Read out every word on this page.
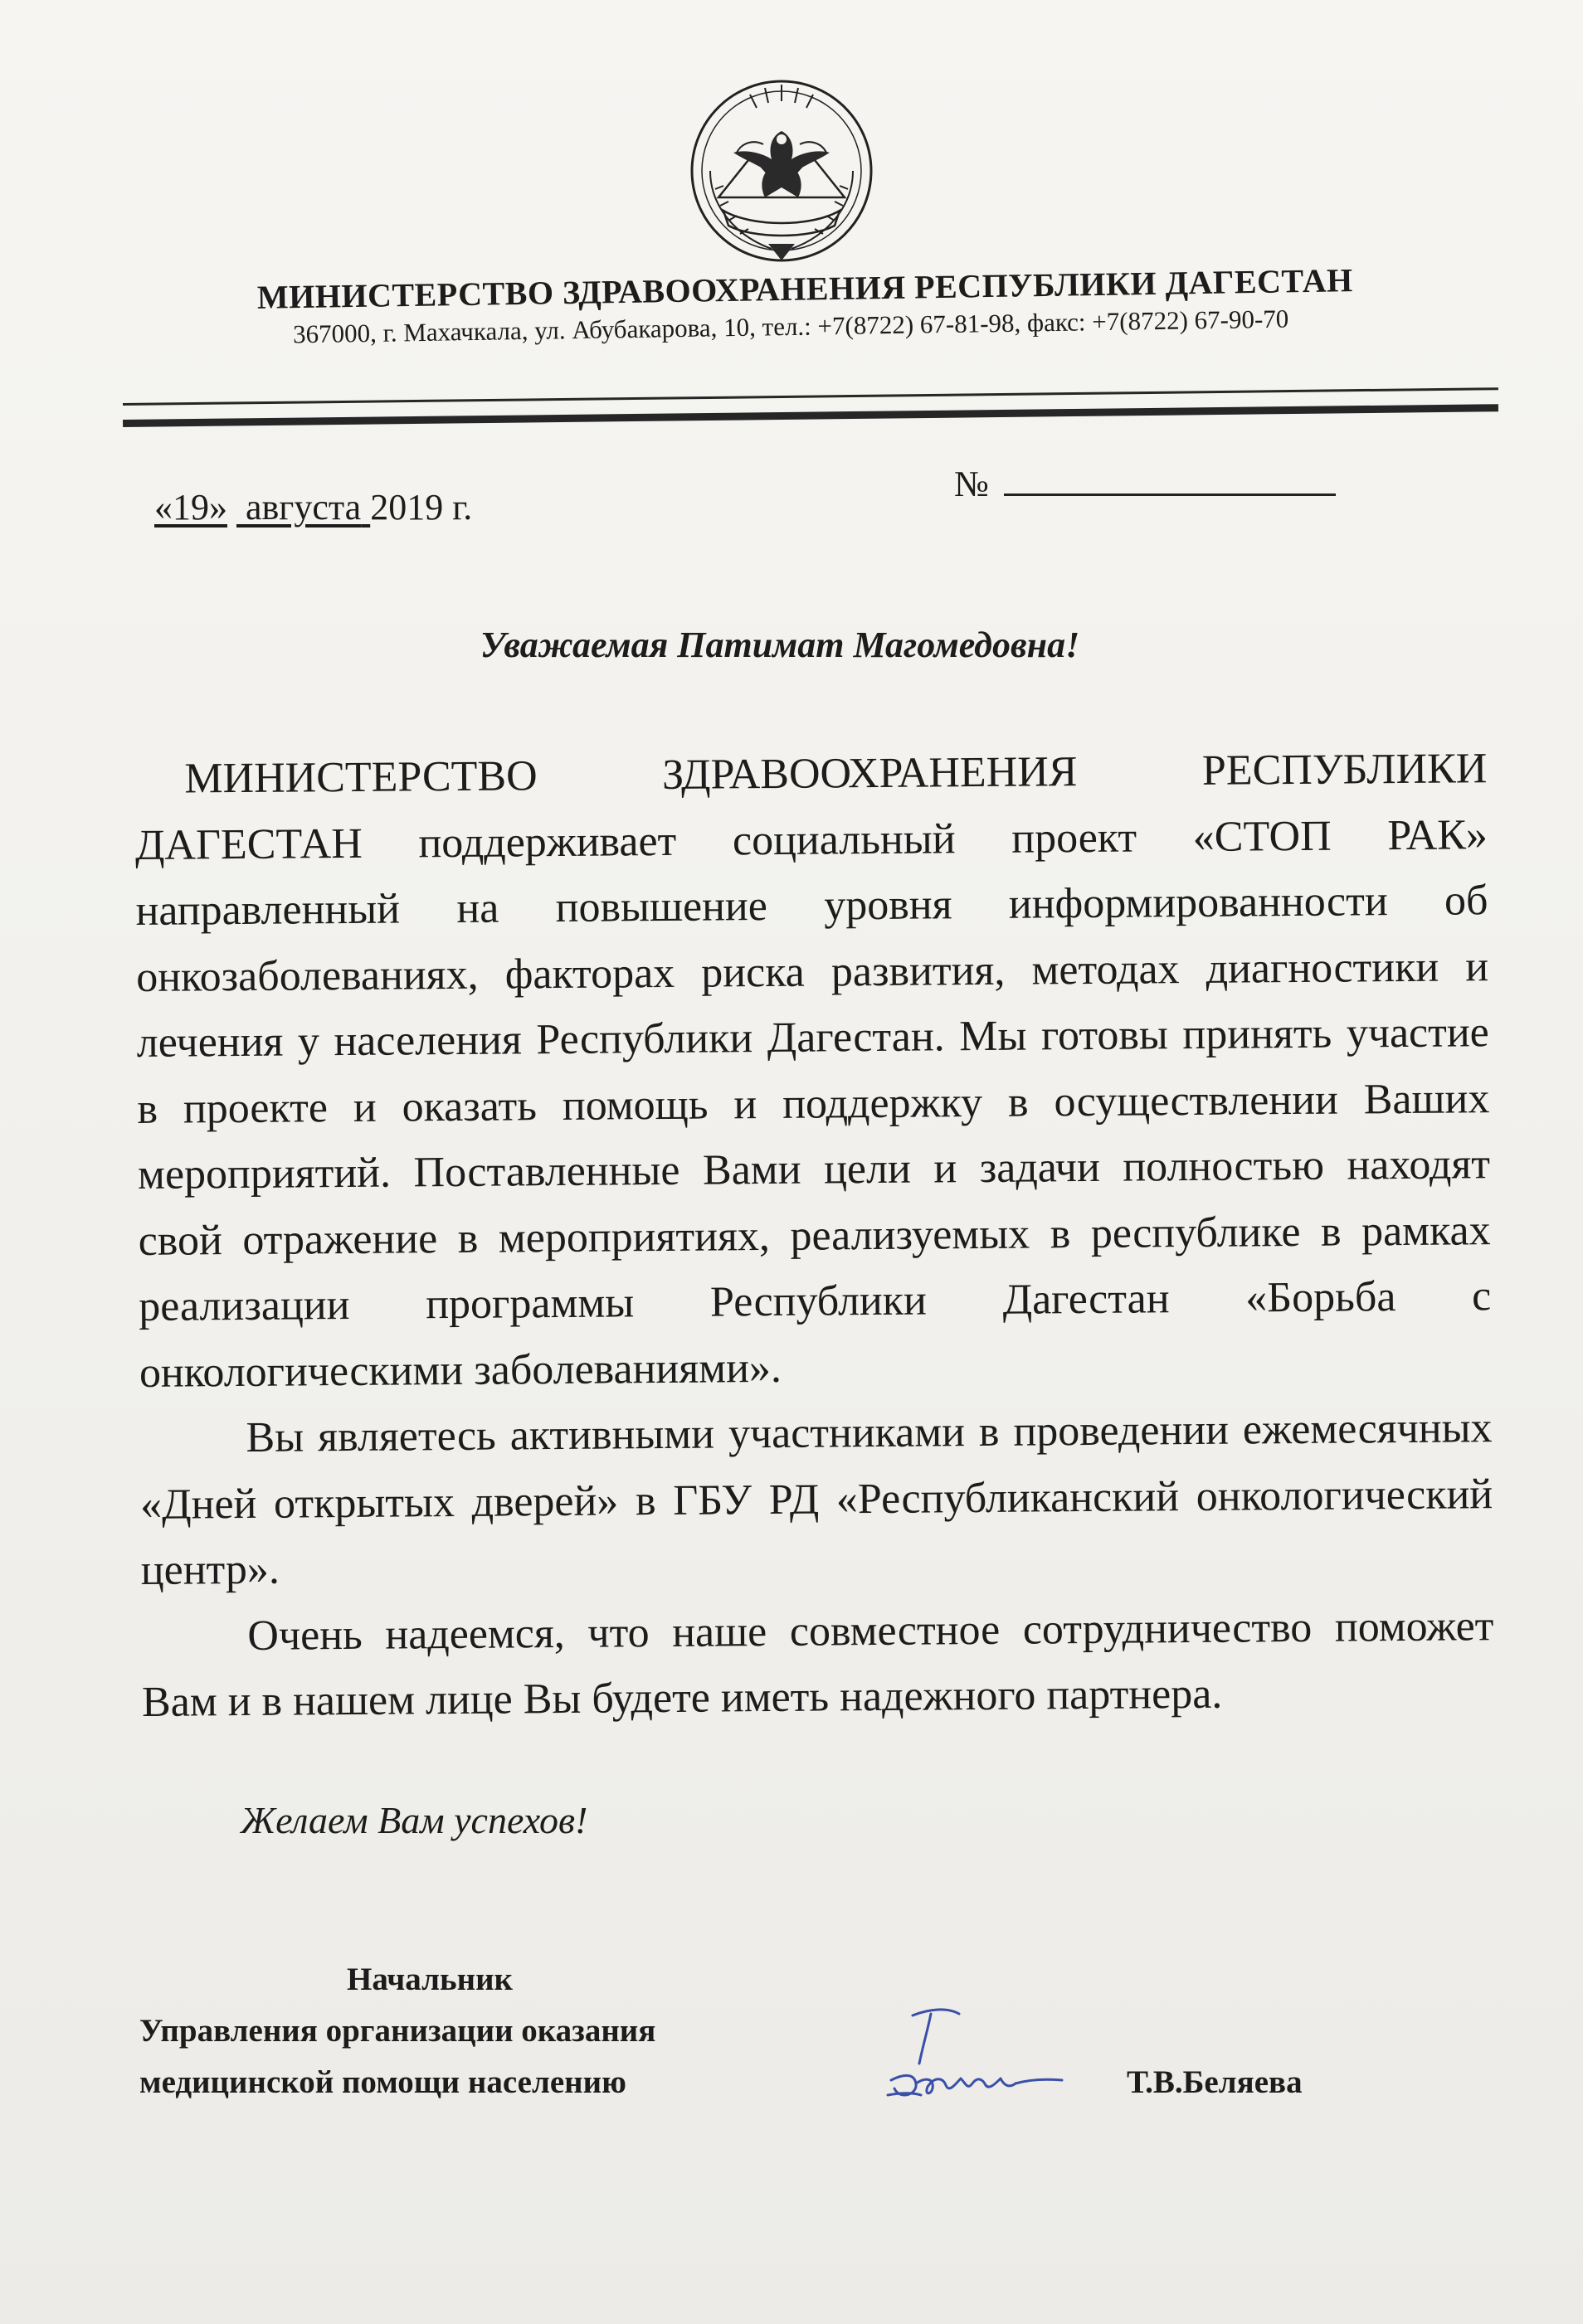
МИНИСТЕРСТВО ЗДРАВООХРАНЕНИЯ РЕСПУБЛИКИ ДАГЕСТАН
367000, г. Махачкала, ул. Абубакарова, 10, тел.: +7(8722) 67-81-98, факс: +7(8722) 67-90-70
«19» августа 2019 г.
№
Уважаемая Патимат Магомедовна!

МИНИСТЕРСТВО ЗДРАВООХРАНЕНИЯ РЕСПУБЛИКИ ДАГЕСТАН поддерживает социальный проект «СТОП РАК» направленный на повышение уровня информированности об онкозаболеваниях, факторах риска развития, методах диагностики и лечения у населения Республики Дагестан. Мы готовы принять участие в проекте и оказать помощь и поддержку в осуществлении Ваших мероприятий. Поставленные Вами цели и задачи полностью находят свой отражение в мероприятиях, реализуемых в республике в рамках реализации программы Республики Дагестан «Борьба с онкологическими заболеваниями».

Вы являетесь активными участниками в проведении ежемесячных «Дней открытых дверей» в ГБУ РД «Республиканский онкологический центр».

Очень надеемся, что наше совместное сотрудничество поможет Вам и в нашем лице Вы будете иметь надежного партнера.

Желаем Вам успехов!
Начальник
Управления организации оказания
медицинской помощи населению	Т.В.Беляева
